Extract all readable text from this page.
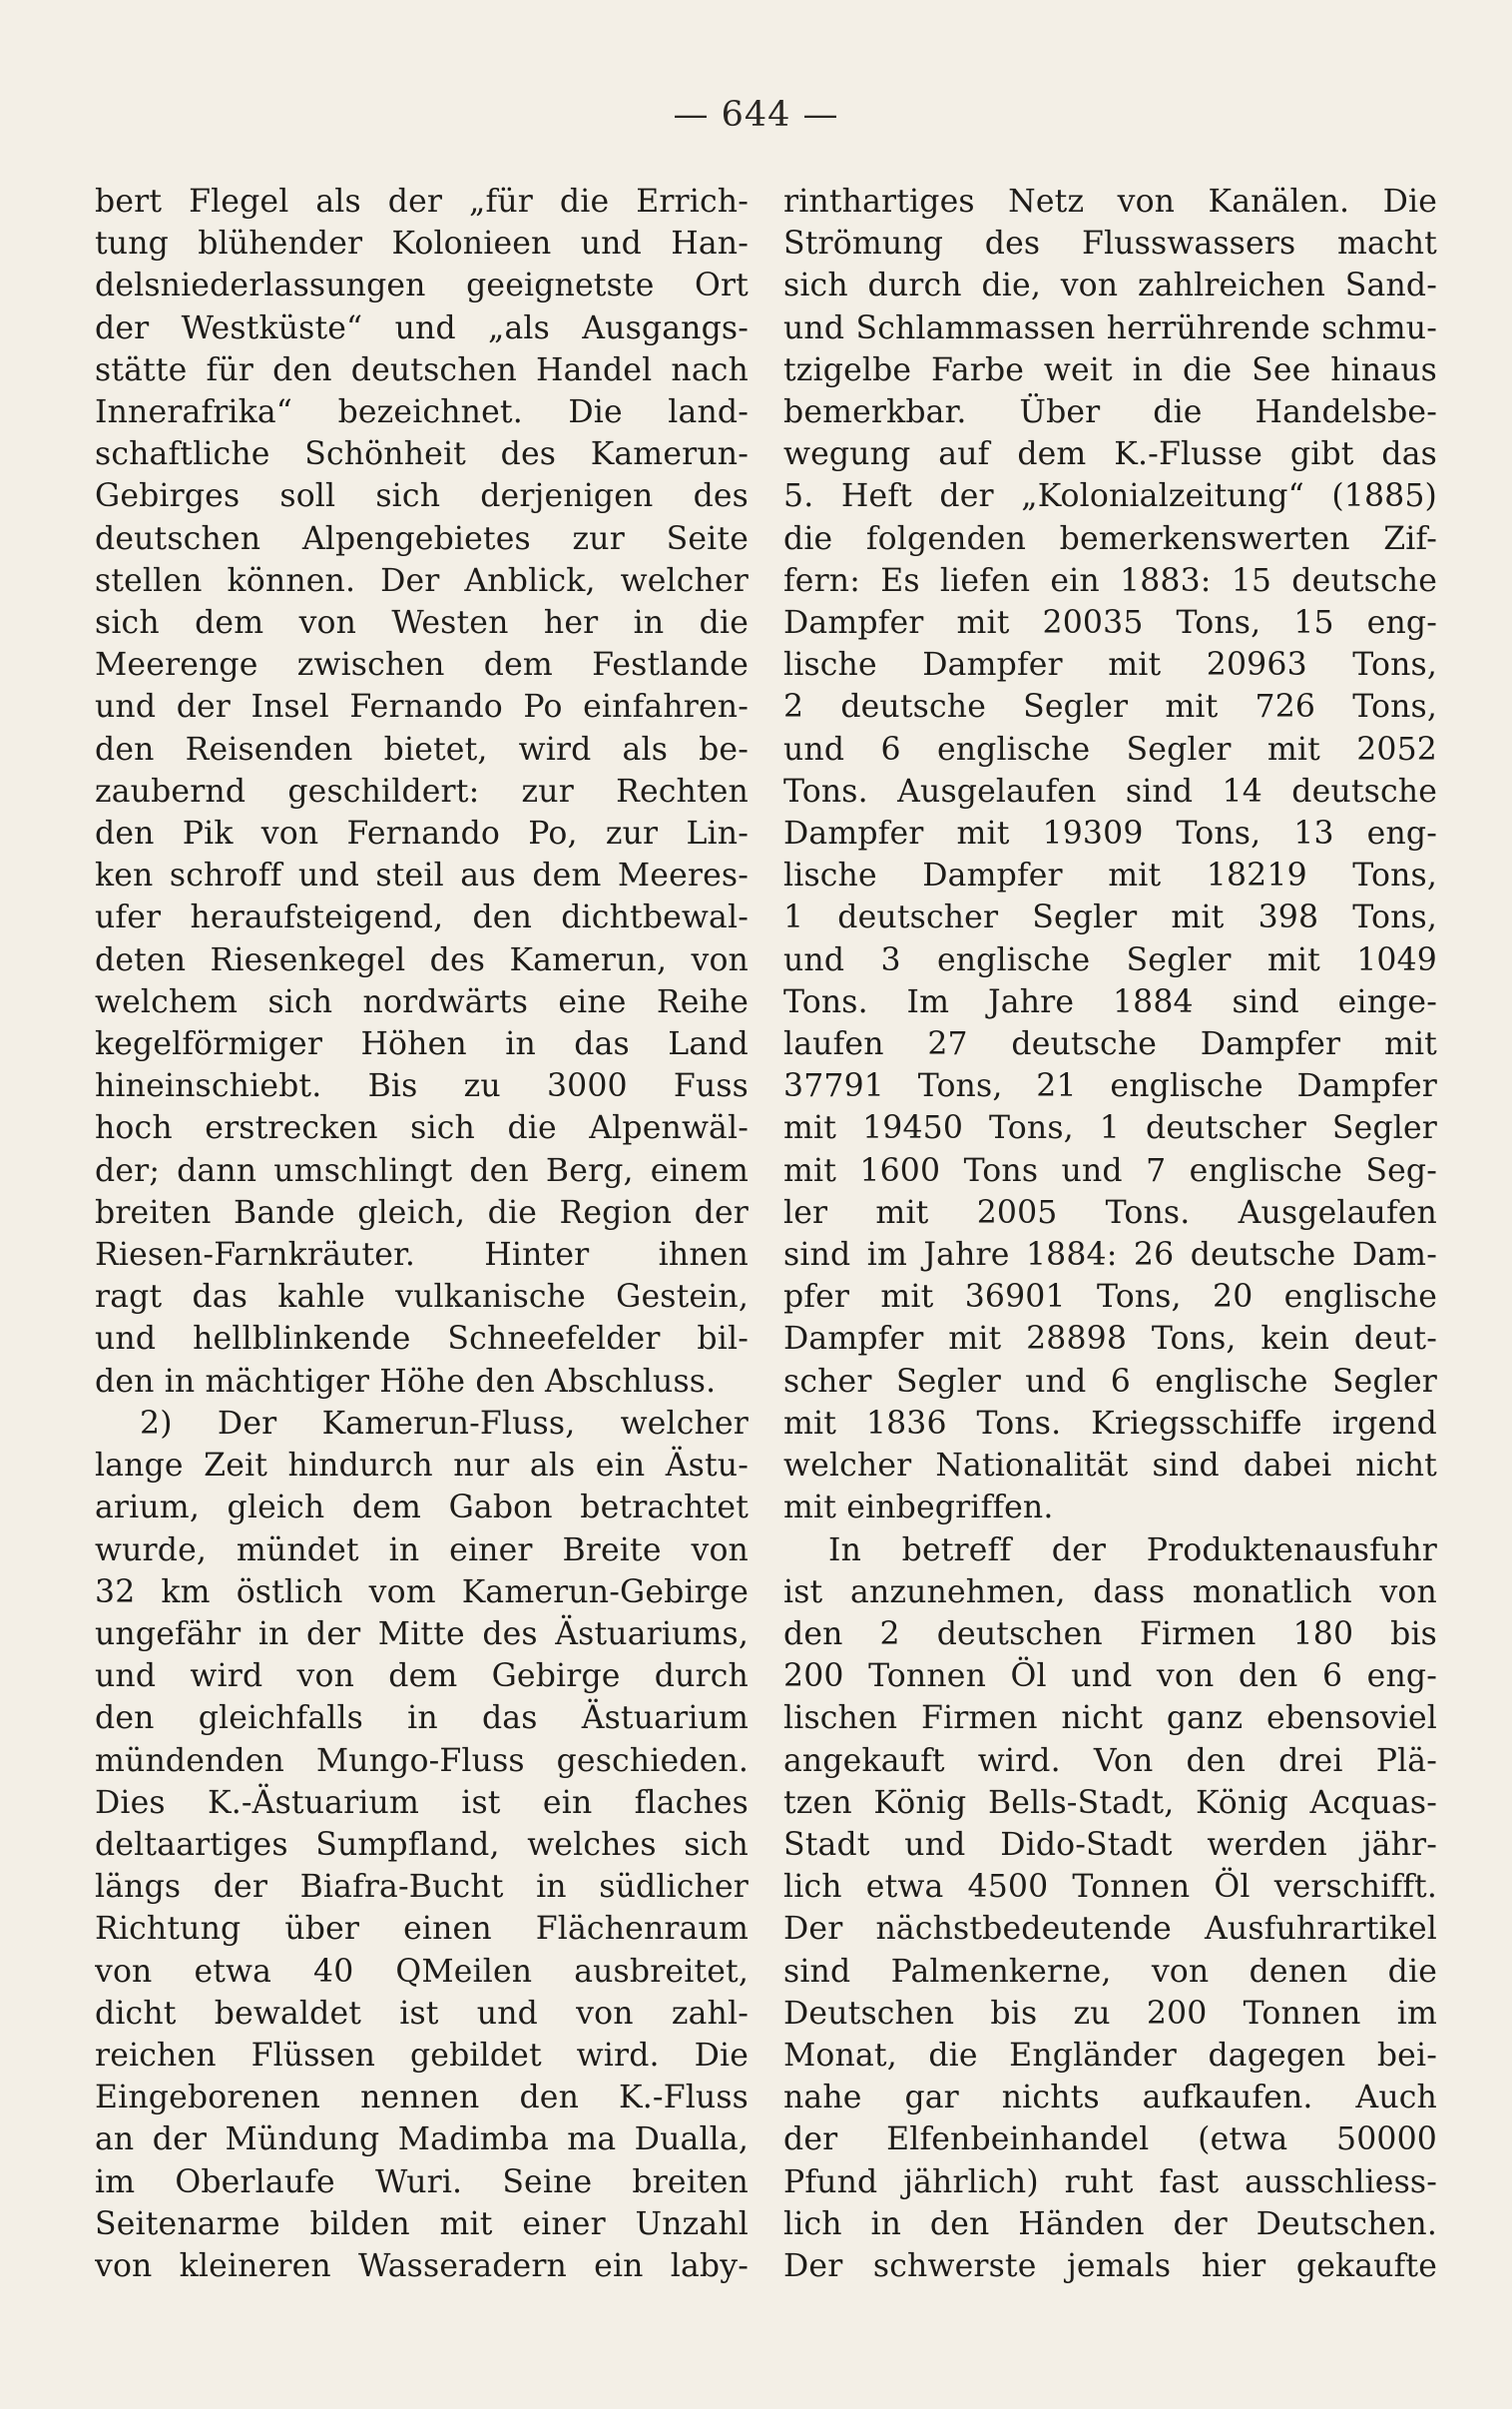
— 644 —
bert Flegel als der „für die Errich-
tung blühender Kolonieen und Han-
delsniederlassungen geeignetste Ort
der Westküste“ und „als Ausgangs-
stätte für den deutschen Handel nach
Innerafrika“ bezeichnet. Die land-
schaftliche Schönheit des Kamerun-
Gebirges soll sich derjenigen des
deutschen Alpengebietes zur Seite
stellen können. Der Anblick, welcher
sich dem von Westen her in die
Meerenge zwischen dem Festlande
und der Insel Fernando Po einfahren-
den Reisenden bietet, wird als be-
zaubernd geschildert: zur Rechten
den Pik von Fernando Po, zur Lin-
ken schroff und steil aus dem Meeres-
ufer heraufsteigend, den dichtbewal-
deten Riesenkegel des Kamerun, von
welchem sich nordwärts eine Reihe
kegelförmiger Höhen in das Land
hineinschiebt. Bis zu 3000 Fuss
hoch erstrecken sich die Alpenwäl-
der; dann umschlingt den Berg, einem
breiten Bande gleich, die Region der
Riesen-Farnkräuter. Hinter ihnen
ragt das kahle vulkanische Gestein,
und hellblinkende Schneefelder bil-
den in mächtiger Höhe den Abschluss.
2) Der Kamerun-Fluss, welcher
lange Zeit hindurch nur als ein Ästu-
arium, gleich dem Gabon betrachtet
wurde, mündet in einer Breite von
32 km östlich vom Kamerun-Gebirge
ungefähr in der Mitte des Ästuariums,
und wird von dem Gebirge durch
den gleichfalls in das Ästuarium
mündenden Mungo-Fluss geschieden.
Dies K.-Ästuarium ist ein flaches
deltaartiges Sumpfland, welches sich
längs der Biafra-Bucht in südlicher
Richtung über einen Flächenraum
von etwa 40 QMeilen ausbreitet,
dicht bewaldet ist und von zahl-
reichen Flüssen gebildet wird. Die
Eingeborenen nennen den K.-Fluss
an der Mündung Madimba ma Dualla,
im Oberlaufe Wuri. Seine breiten
Seitenarme bilden mit einer Unzahl
von kleineren Wasseradern ein laby-
rinthartiges Netz von Kanälen. Die
Strömung des Flusswassers macht
sich durch die, von zahlreichen Sand-
und Schlammassen herrührende schmu-
tzigelbe Farbe weit in die See hinaus
bemerkbar. Über die Handelsbe-
wegung auf dem K.-Flusse gibt das
5. Heft der „Kolonialzeitung“ (1885)
die folgenden bemerkenswerten Zif-
fern: Es liefen ein 1883: 15 deutsche
Dampfer mit 20035 Tons, 15 eng-
lische Dampfer mit 20963 Tons,
2 deutsche Segler mit 726 Tons,
und 6 englische Segler mit 2052
Tons. Ausgelaufen sind 14 deutsche
Dampfer mit 19309 Tons, 13 eng-
lische Dampfer mit 18219 Tons,
1 deutscher Segler mit 398 Tons,
und 3 englische Segler mit 1049
Tons. Im Jahre 1884 sind einge-
laufen 27 deutsche Dampfer mit
37791 Tons, 21 englische Dampfer
mit 19450 Tons, 1 deutscher Segler
mit 1600 Tons und 7 englische Seg-
ler mit 2005 Tons. Ausgelaufen
sind im Jahre 1884: 26 deutsche Dam-
pfer mit 36901 Tons, 20 englische
Dampfer mit 28898 Tons, kein deut-
scher Segler und 6 englische Segler
mit 1836 Tons. Kriegsschiffe irgend
welcher Nationalität sind dabei nicht
mit einbegriffen.
In betreff der Produktenausfuhr
ist anzunehmen, dass monatlich von
den 2 deutschen Firmen 180 bis
200 Tonnen Öl und von den 6 eng-
lischen Firmen nicht ganz ebensoviel
angekauft wird. Von den drei Plä-
tzen König Bells-Stadt, König Acquas-
Stadt und Dido-Stadt werden jähr-
lich etwa 4500 Tonnen Öl verschifft.
Der nächstbedeutende Ausfuhrartikel
sind Palmenkerne, von denen die
Deutschen bis zu 200 Tonnen im
Monat, die Engländer dagegen bei-
nahe gar nichts aufkaufen. Auch
der Elfenbeinhandel (etwa 50000
Pfund jährlich) ruht fast ausschliess-
lich in den Händen der Deutschen.
Der schwerste jemals hier gekaufte
